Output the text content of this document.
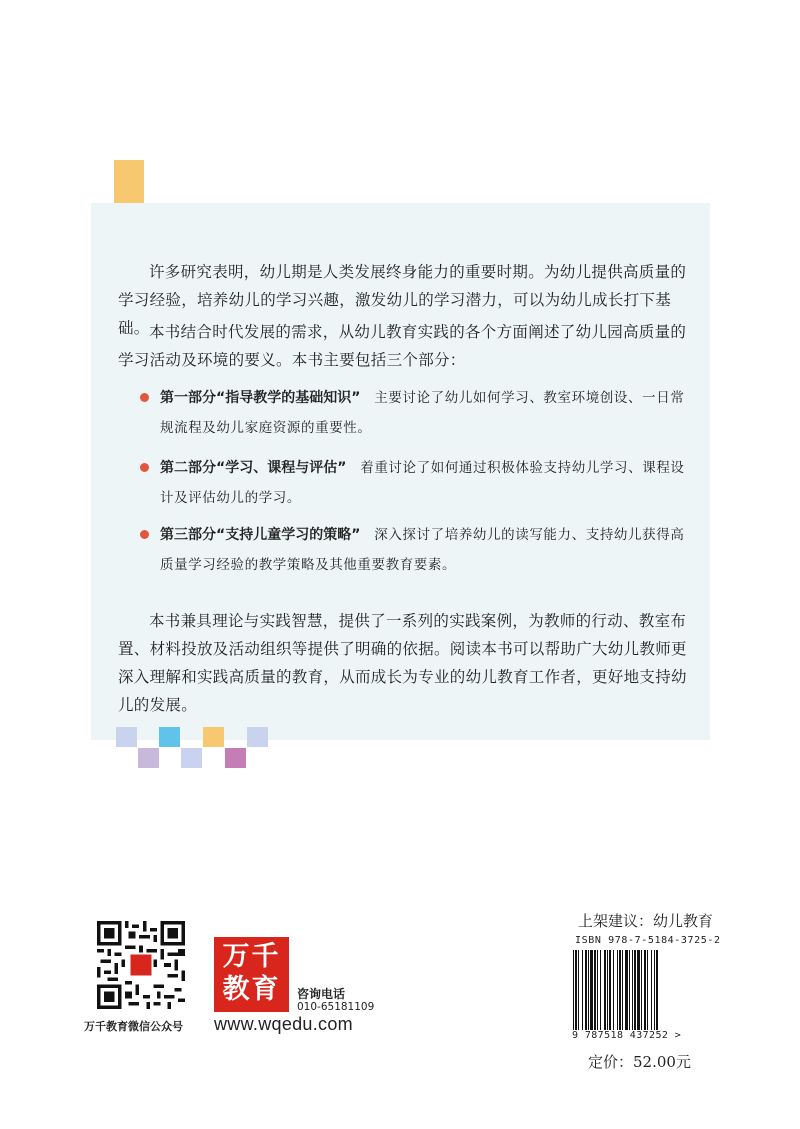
许多研究表明，幼儿期是人类发展终身能力的重要时期。为幼儿提供高质量的学习经验，培养幼儿的学习兴趣，激发幼儿的学习潜力，可以为幼儿成长打下基础。 本书结合时代发展的需求，从幼儿教育实践的各个方面阐述了幼儿园高质量的学习活动及环境的要义。本书主要包括三个部分：

第一部分“指导教学的基础知识” 主要讨论了幼儿如何学习、教室环境创设、一日常规流程及幼儿家庭资源的重要性。
第二部分“学习、课程与评估” 着重讨论了如何通过积极体验支持幼儿学习、课程设计及评估幼儿的学习。
第三部分“支持儿童学习的策略” 深入探讨了培养幼儿的读写能力、支持幼儿获得高质量学习经验的教学策略及其他重要教育要素。

本书兼具理论与实践智慧，提供了一系列的实践案例，为教师的行动、教室布置、材料投放及活动组织等提供了明确的依据。阅读本书可以帮助广大幼儿教师更深入理解和实践高质量的教育，从而成长为专业的幼儿教育工作者，更好地支持幼儿的发展。

万千教育微信公众号
万千
教育	咨询电话
010-65181109
www.wqedu.com
上架建议：幼儿教育
ISBN 978-7-5184-3725-2
9 787518 437252 >
定价：52.00元
